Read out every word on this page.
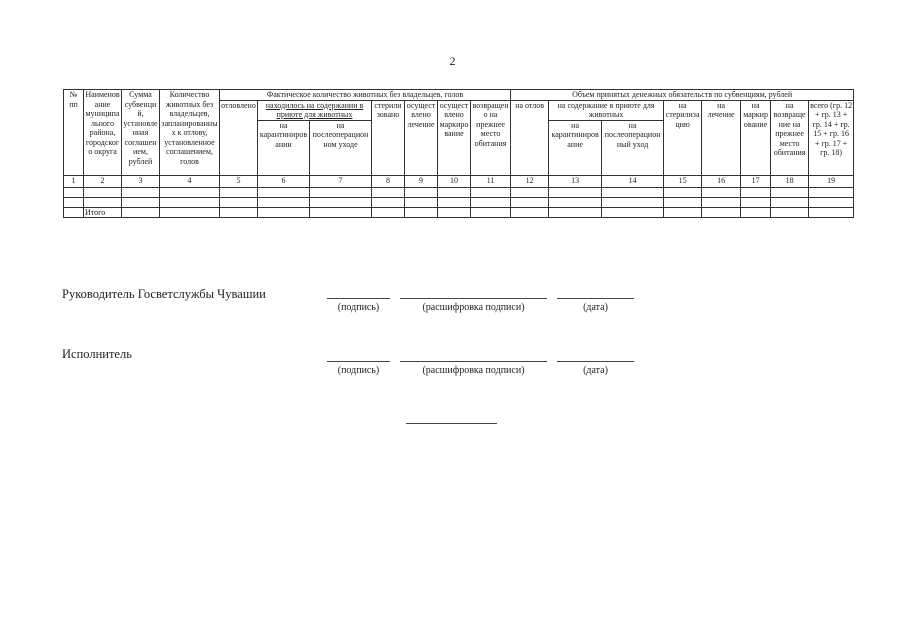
2
№ пп	Наименование муниципального района, городского округа	Сумма субвенций, установленная соглашением, рублей	Количество животных без владельцев, запланированных к отлову, установленное соглашением, голов	Фактическое количество животных без владельцев, голов							Объем принятых денежных обязательств по субвенциям, рублей							
				отловлено	находилось на содержании в приюте для животных		стерилизовано	осуществлено лечение	осуществлено маркирование	возвращено на прежнее место обитания	на отлов	на содержание в приюте для животных		на стерилизацию	на лечение	на маркирование	на возвращение на прежнее место обитания	всего (гр. 12 + гр. 13 + гр. 14 + гр. 15 + гр. 16 + гр. 17 + гр. 18)
					на карантинировании	на послеоперационном уходе						на карантинирование	на послеоперационный уход					
1	2	3	4	5	6	7	8	9	10	11	12	13	14	15	16	17	18	19

	Итого																	
Руководитель Госветслужбы Чувашии
(подпись)	(расшифровка подписи)	(дата)
Исполнитель
(подпись)	(расшифровка подписи)	(дата)
